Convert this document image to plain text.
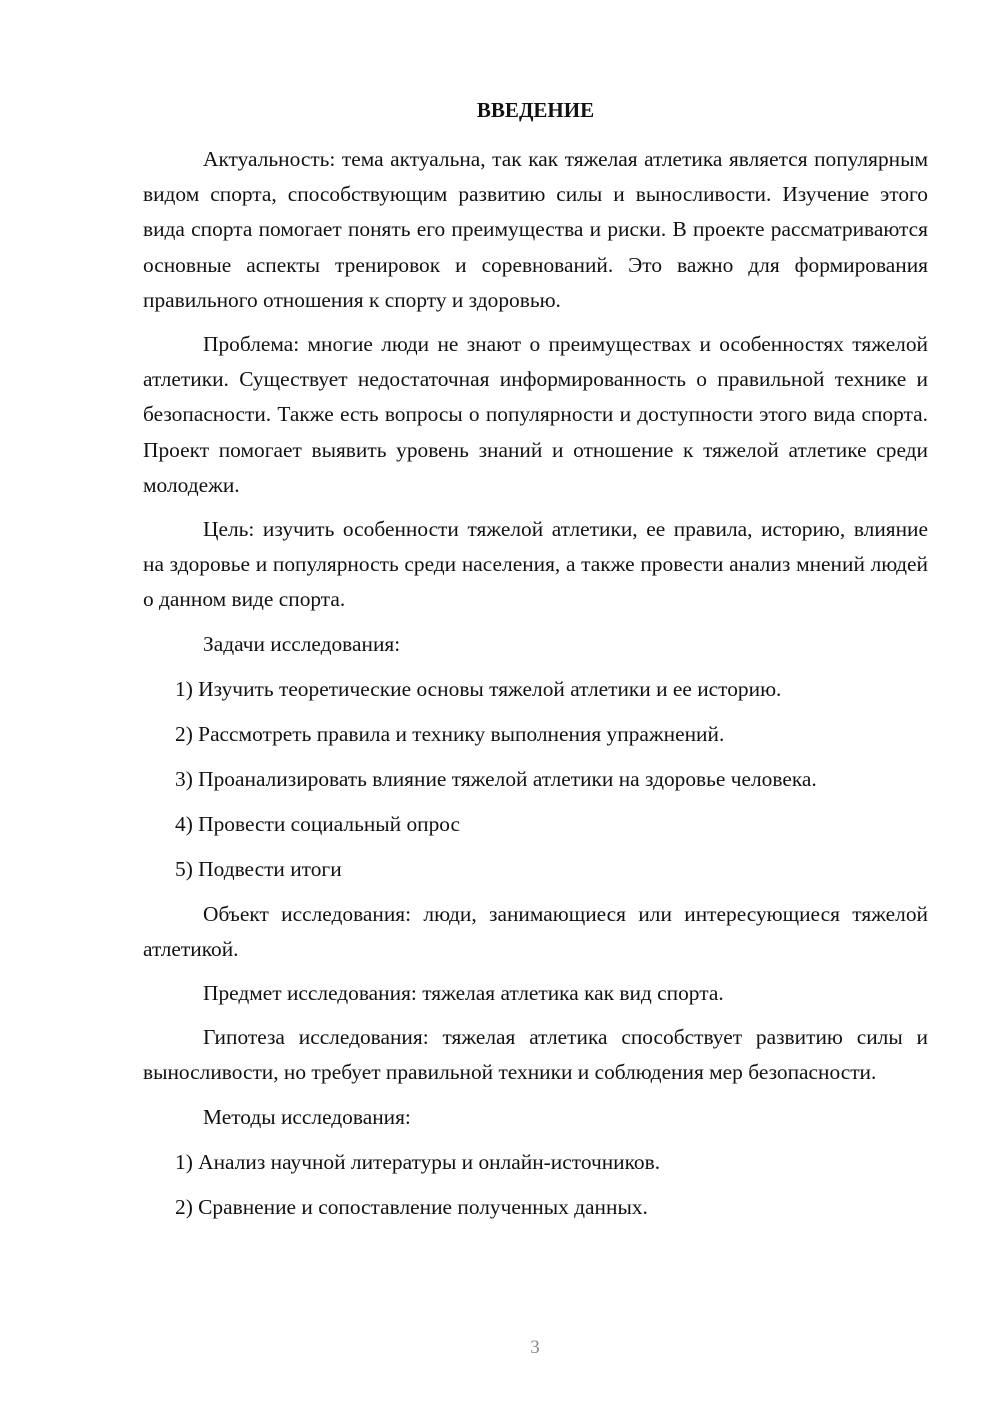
ВВЕДЕНИЕ

Актуальность: тема актуальна, так как тяжелая атлетика является популярным видом спорта, способствующим развитию силы и выносливости. Изучение этого вида спорта помогает понять его преимущества и риски. В проекте рассматриваются основные аспекты тренировок и соревнований. Это важно для формирования правильного отношения к спорту и здоровью.

Проблема: многие люди не знают о преимуществах и особенностях тяжелой атлетики. Существует недостаточная информированность о правильной технике и безопасности. Также есть вопросы о популярности и доступности этого вида спорта. Проект помогает выявить уровень знаний и отношение к тяжелой атлетике среди молодежи.

Цель: изучить особенности тяжелой атлетики, ее правила, историю, влияние на здоровье и популярность среди населения, а также провести анализ мнений людей о данном виде спорта.

Задачи исследования:

1) Изучить теоретические основы тяжелой атлетики и ее историю.

2) Рассмотреть правила и технику выполнения упражнений.

3) Проанализировать влияние тяжелой атлетики на здоровье человека.

4) Провести социальный опрос

5) Подвести итоги

Объект исследования: люди, занимающиеся или интересующиеся тяжелой атлетикой.

Предмет исследования: тяжелая атлетика как вид спорта.

Гипотеза исследования: тяжелая атлетика способствует развитию силы и выносливости, но требует правильной техники и соблюдения мер безопасности.

Методы исследования:

1) Анализ научной литературы и онлайн-источников.

2) Сравнение и сопоставление полученных данных.

3
